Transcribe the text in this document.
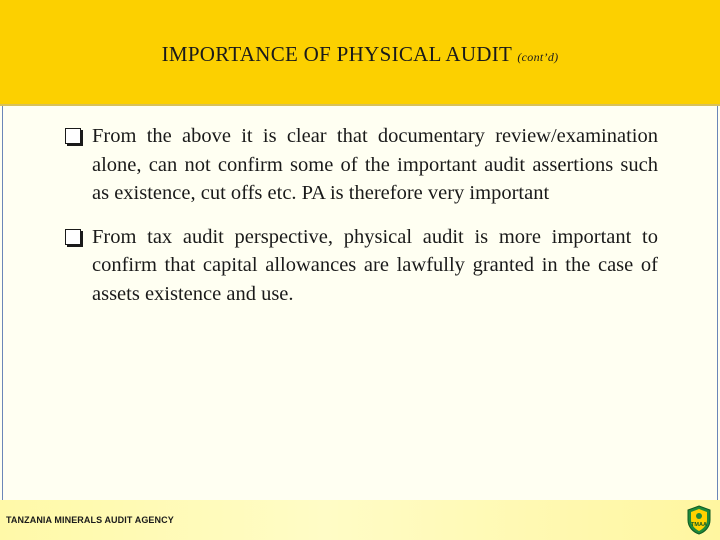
IMPORTANCE OF PHYSICAL AUDIT (cont’d)
From the above it is clear that documentary review/examination alone, can not confirm some of the important audit assertions such as existence, cut offs etc. PA is therefore very important
From tax audit perspective, physical audit is more important to confirm that capital allowances are lawfully granted in the case of assets existence and use.
TANZANIA MINERALS AUDIT AGENCY	TMAA
